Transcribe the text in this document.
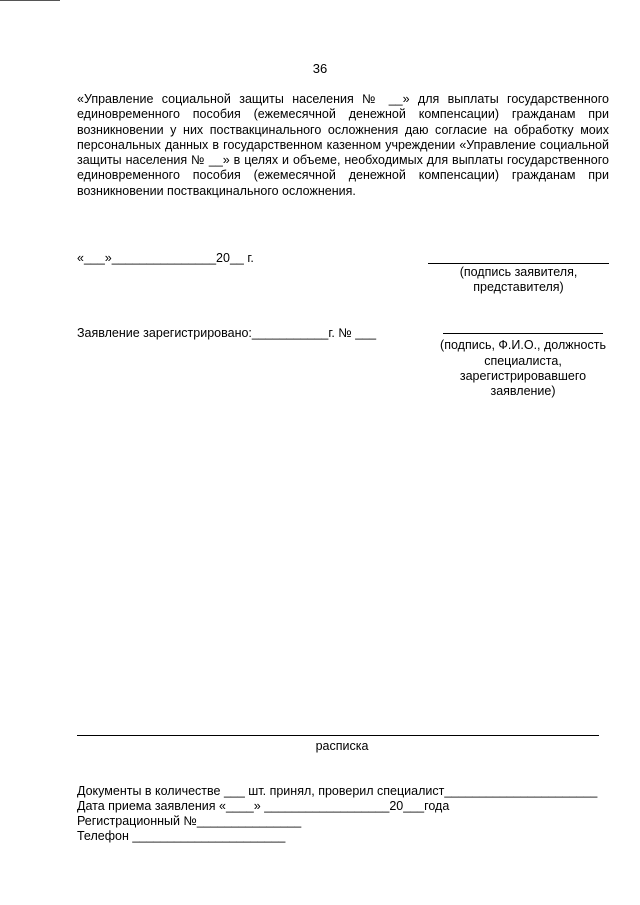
36
«Управление социальной защиты населения № __» для выплаты государственного единовременного пособия (ежемесячной денежной компенсации) гражданам при возникновении у них поствакцинального осложнения даю согласие на обработку моих персональных данных в государственном казенном учреждении «Управление социальной защиты населения № __» в целях и объеме, необходимых для выплаты государственного единовременного пособия (ежемесячной денежной компенсации) гражданам при возникновении поствакцинального осложнения.
«___»_______________20__ г.
(подпись заявителя,
представителя)
Заявление зарегистрировано:___________г. № ___
(подпись, Ф.И.О., должность
специалиста,
зарегистрировавшего
заявление)
расписка
Документы в количестве ___ шт. принял, проверил специалист______________________
Дата приема заявления «____» __________________20___года
Регистрационный №_______________
Телефон ______________________
